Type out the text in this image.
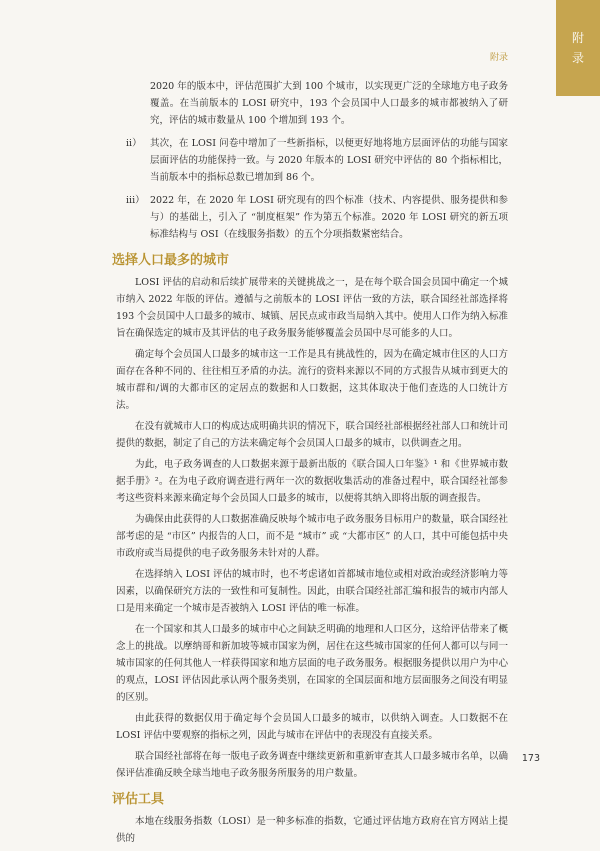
附
录
附录

2020 年的版本中，评估范围扩大到 100 个城市，以实现更广泛的全球地方电子政务覆盖。在当前版本的 LOSI 研究中，193 个会员国中人口最多的城市都被纳入了研究，评估的城市数量从 100 个增加到 193 个。

ii） 其次，在 LOSI 问卷中增加了一些新指标，以便更好地将地方层面评估的功能与国家层面评估的功能保持一致。与 2020 年版本的 LOSI 研究中评估的 80 个指标相比，当前版本中的指标总数已增加到 86 个。
iii） 2022 年，在 2020 年 LOSI 研究现有的四个标准（技术、内容提供、服务提供和参与）的基础上，引入了 “制度框架” 作为第五个标准。2020 年 LOSI 研究的新五项标准结构与 OSI（在线服务指数）的五个分项指数紧密结合。
选择人口最多的城市

LOSI 评估的启动和后续扩展带来的关键挑战之一，是在每个联合国会员国中确定一个城市纳入 2022 年版的评估。遵循与之前版本的 LOSI 评估一致的方法，联合国经社部选择将 193 个会员国中人口最多的城市、城镇、居民点或市政当局纳入其中。使用人口作为纳入标准旨在确保选定的城市及其评估的电子政务服务能够覆盖会员国中尽可能多的人口。

确定每个会员国人口最多的城市这一工作是具有挑战性的，因为在确定城市住区的人口方面存在各种不同的、往往相互矛盾的办法。流行的资料来源以不同的方式报告从城市到更大的城市群和/调的大都市区的定居点的数据和人口数据，这其体取决于他们查选的人口统计方法。

在没有就城市人口的构成达成明确共识的情况下，联合国经社部根据经社部人口和统计司提供的数据，制定了自己的方法来确定每个会员国人口最多的城市，以供调查之用。

为此，电子政务调查的人口数据来源于最新出版的《联合国人口年鉴》¹ 和《世界城市数据手册》²。在为电子政府调查进行两年一次的数据收集活动的准备过程中，联合国经社部参考这些资料来源来确定每个会员国人口最多的城市，以便将其纳入即将出版的调查报告。

为确保由此获得的人口数据准确反映每个城市电子政务服务目标用户的数量，联合国经社部考虑的是 “市区” 内报告的人口，而不是 “城市” 或 “大都市区” 的人口，其中可能包括中央市政府或当局提供的电子政务服务未针对的人群。

在选择纳入 LOSI 评估的城市时，也不考虑诸如首都城市地位或相对政治或经济影响力等因素，以确保研究方法的一致性和可复制性。因此，由联合国经社部汇编和报告的城市内部人口是用来确定一个城市是否被纳入 LOSI 评估的唯一标准。

在一个国家和其人口最多的城市中心之间缺乏明确的地理和人口区分，这给评估带来了概念上的挑战。以摩纳哥和新加坡等城市国家为例，居住在这些城市国家的任何人都可以与同一城市国家的任何其他人一样获得国家和地方层面的电子政务服务。根据服务提供以用户为中心的观点，LOSI 评估因此承认两个服务类别，在国家的全国层面和地方层面服务之间没有明显的区别。

由此获得的数据仅用于确定每个会员国人口最多的城市，以供纳入调查。人口数据不在 LOSI 评估中要观察的指标之列，因此与城市在评估中的表现没有直接关系。

联合国经社部将在每一版电子政务调查中继续更新和重新审查其人口最多城市名单，以确保评估准确反映全球当地电子政务服务所服务的用户数量。

评估工具

本地在线服务指数（LOSI）是一种多标准的指数，它通过评估地方政府在官方网站上提供的

173
